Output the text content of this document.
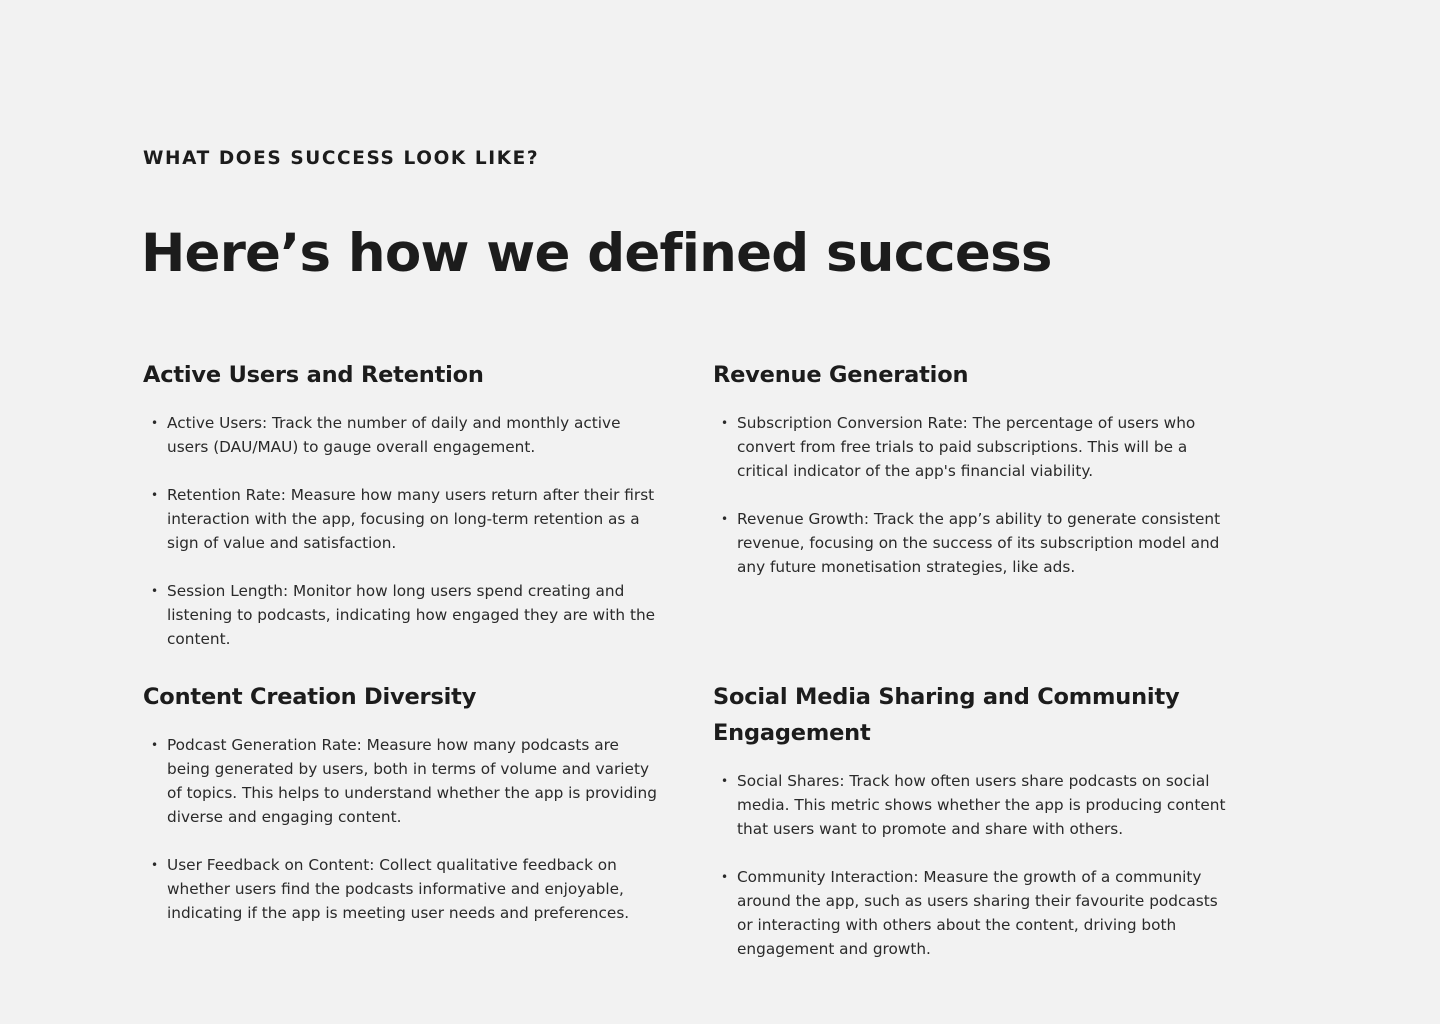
WHAT DOES SUCCESS LOOK LIKE?

Here’s how we defined success
Active Users and Retention
• Active Users: Track the number of daily and monthly active users (DAU/MAU) to gauge overall engagement.
• Retention Rate: Measure how many users return after their first interaction with the app, focusing on long-term retention as a sign of value and satisfaction.
• Session Length: Monitor how long users spend creating and listening to podcasts, indicating how engaged they are with the content.
Revenue Generation
• Subscription Conversion Rate: The percentage of users who convert from free trials to paid subscriptions. This will be a critical indicator of the app's financial viability.
• Revenue Growth: Track the app’s ability to generate consistent revenue, focusing on the success of its subscription model and any future monetisation strategies, like ads.
Content Creation Diversity
• Podcast Generation Rate: Measure how many podcasts are being generated by users, both in terms of volume and variety of topics. This helps to understand whether the app is providing diverse and engaging content.
• User Feedback on Content: Collect qualitative feedback on whether users find the podcasts informative and enjoyable, indicating if the app is meeting user needs and preferences.
Social Media Sharing and Community Engagement
• Social Shares: Track how often users share podcasts on social media. This metric shows whether the app is producing content that users want to promote and share with others.
• Community Interaction: Measure the growth of a community around the app, such as users sharing their favourite podcasts or interacting with others about the content, driving both engagement and growth.
